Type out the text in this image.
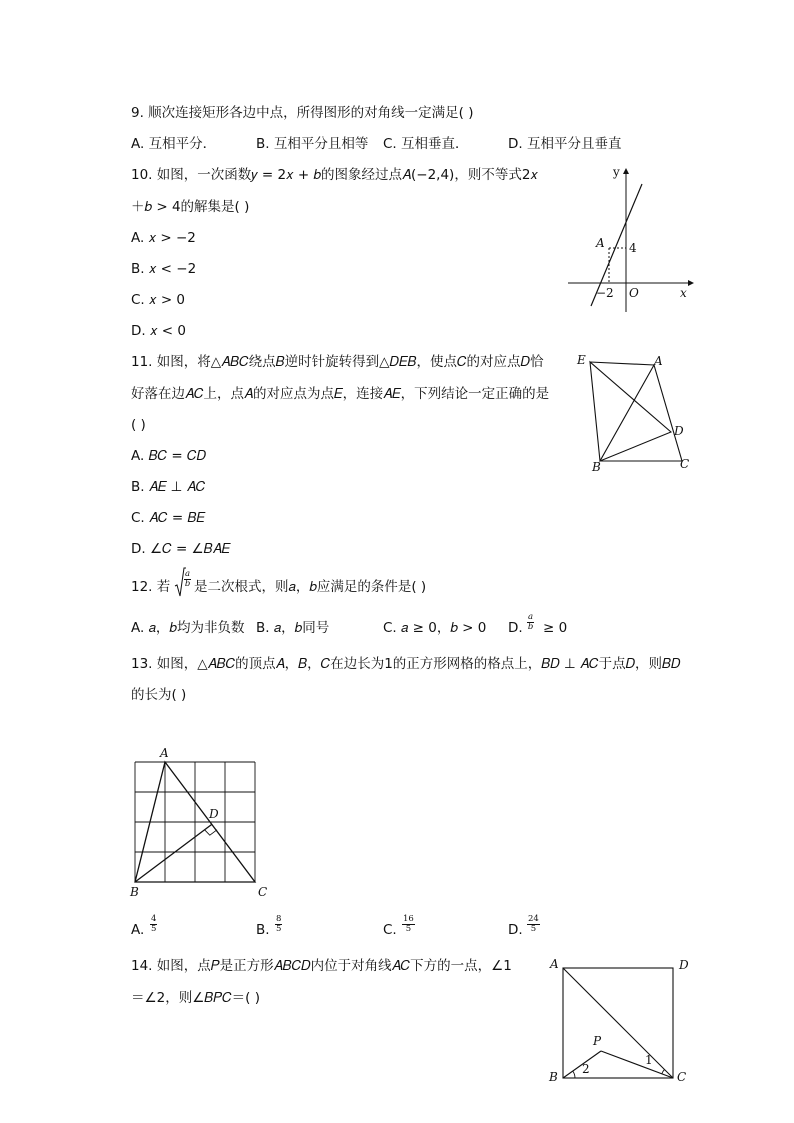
9. 顺次连接矩形各边中点，所得图形的对角线一定满足( )
A. 互相平分．	B. 互相平分且相等 C. 互相垂直．	D. 互相平分且垂直
10. 如图，一次函数𝑦 = 2𝑥 + 𝑏的图象经过点𝐴(−2,4)，则不等式2𝑥
＋𝑏 > 4的解集是( )
A. 𝑥 > −2
B. 𝑥 < −2
C. 𝑥 > 0
D. 𝑥 < 0
y
A 4
−2 O	x
11. 如图，将△𝐴𝐵𝐶绕点𝐵逆时针旋转得到△𝐷𝐸𝐵，使点𝐶的对应点𝐷恰
好落在边𝐴𝐶上，点𝐴的对应点为点𝐸，连接𝐴𝐸，下列结论一定正确的是
( )
A. 𝐵𝐶 = 𝐶𝐷
B. 𝐴𝐸 ⊥ 𝐴𝐶
C. 𝐴𝐶 = 𝐵𝐸
D. ∠𝐶 = ∠𝐵𝐴𝐸
E	A
D
B	C
12. 若 $\frac{a}{b}$ 是二次根式，则𝑎，𝑏应满足的条件是( )
A. 𝑎，𝑏均为非负数 B. 𝑎，𝑏同号	C. 𝑎 ≥ 0，𝑏 > 0 D. $\frac{a}{b} \ge 0$
13. 如图，△𝐴𝐵𝐶的顶点𝐴，𝐵，𝐶在边长为1的正方形网格的格点上，𝐵𝐷 ⊥ 𝐴𝐶于点𝐷，则𝐵𝐷
的长为( )
A
D
B	C
A. $\frac{4}{5}$	B. $\frac{8}{5}$	C. $\frac{16}{5}$	D. $\frac{24}{5}$
14. 如图，点𝑃是正方形𝐴𝐵𝐶𝐷内位于对角线𝐴𝐶下方的一点，∠1
＝∠2，则∠𝐵𝑃𝐶＝( )
A	D
P
1
2
B	C
